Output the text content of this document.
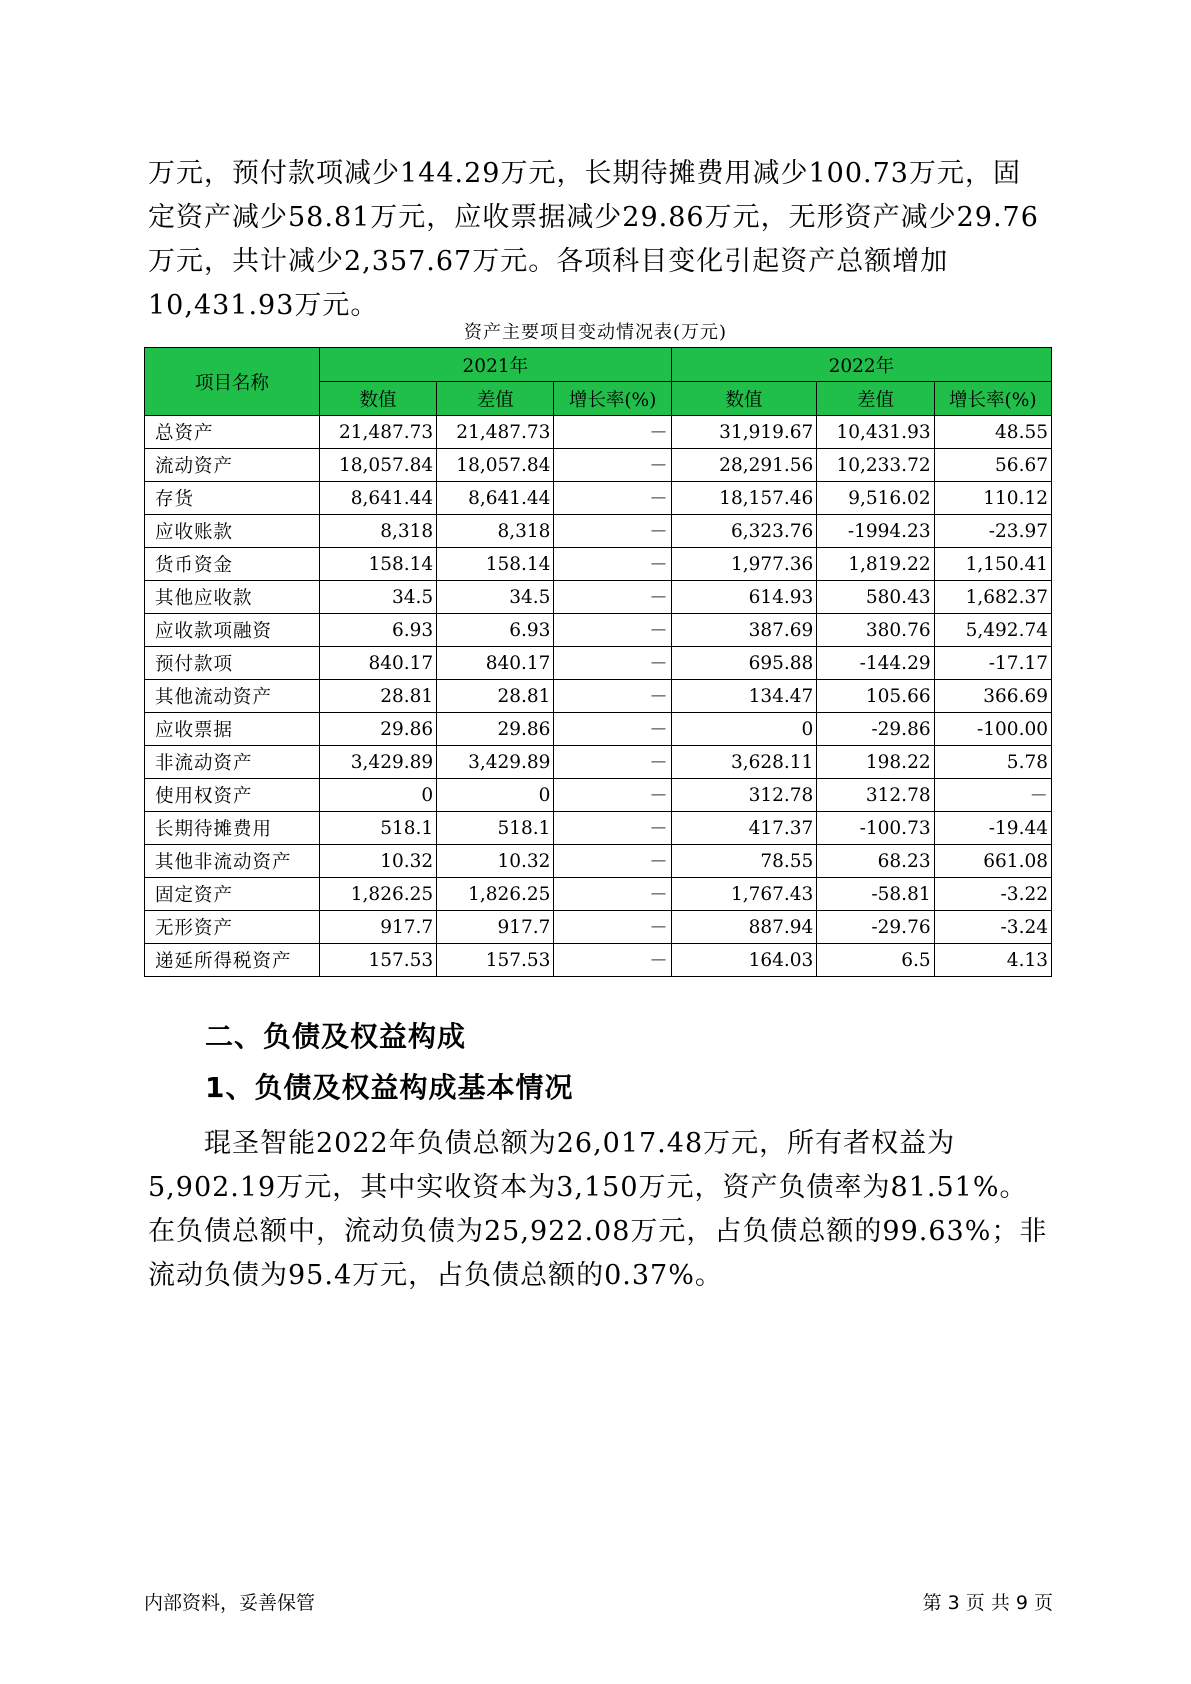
万元，预付款项减少144.29万元，长期待摊费用减少100.73万元，固定资产减少58.81万元，应收票据减少29.86万元，无形资产减少29.76万元，共计减少2,357.67万元。各项科目变化引起资产总额增加10,431.93万元。

资产主要项目变动情况表(万元)
项目名称	2021年			2022年		
	数值	差值	增长率(%)	数值	差值	增长率(%)
总资产	21,487.73	21,487.73	－	31,919.67	10,431.93	48.55
流动资产	18,057.84	18,057.84	－	28,291.56	10,233.72	56.67
存货	8,641.44	8,641.44	－	18,157.46	9,516.02	110.12
应收账款	8,318	8,318	－	6,323.76	-1994.23	-23.97
货币资金	158.14	158.14	－	1,977.36	1,819.22	1,150.41
其他应收款	34.5	34.5	－	614.93	580.43	1,682.37
应收款项融资	6.93	6.93	－	387.69	380.76	5,492.74
预付款项	840.17	840.17	－	695.88	-144.29	-17.17
其他流动资产	28.81	28.81	－	134.47	105.66	366.69
应收票据	29.86	29.86	－	0	-29.86	-100.00
非流动资产	3,429.89	3,429.89	－	3,628.11	198.22	5.78
使用权资产	0	0	－	312.78	312.78	－
长期待摊费用	518.1	518.1	－	417.37	-100.73	-19.44
其他非流动资产	10.32	10.32	－	78.55	68.23	661.08
固定资产	1,826.25	1,826.25	－	1,767.43	-58.81	-3.22
无形资产	917.7	917.7	－	887.94	-29.76	-3.24
递延所得税资产	157.53	157.53	－	164.03	6.5	4.13
二、负债及权益构成
1、负债及权益构成基本情况

琨圣智能2022年负债总额为26,017.48万元，所有者权益为5,902.19万元，其中实收资本为3,150万元，资产负债率为81.51%。在负债总额中，流动负债为25,922.08万元，占负债总额的99.63%；非流动负债为95.4万元，占负债总额的0.37%。

内部资料，妥善保管	第 3 页 共 9 页
